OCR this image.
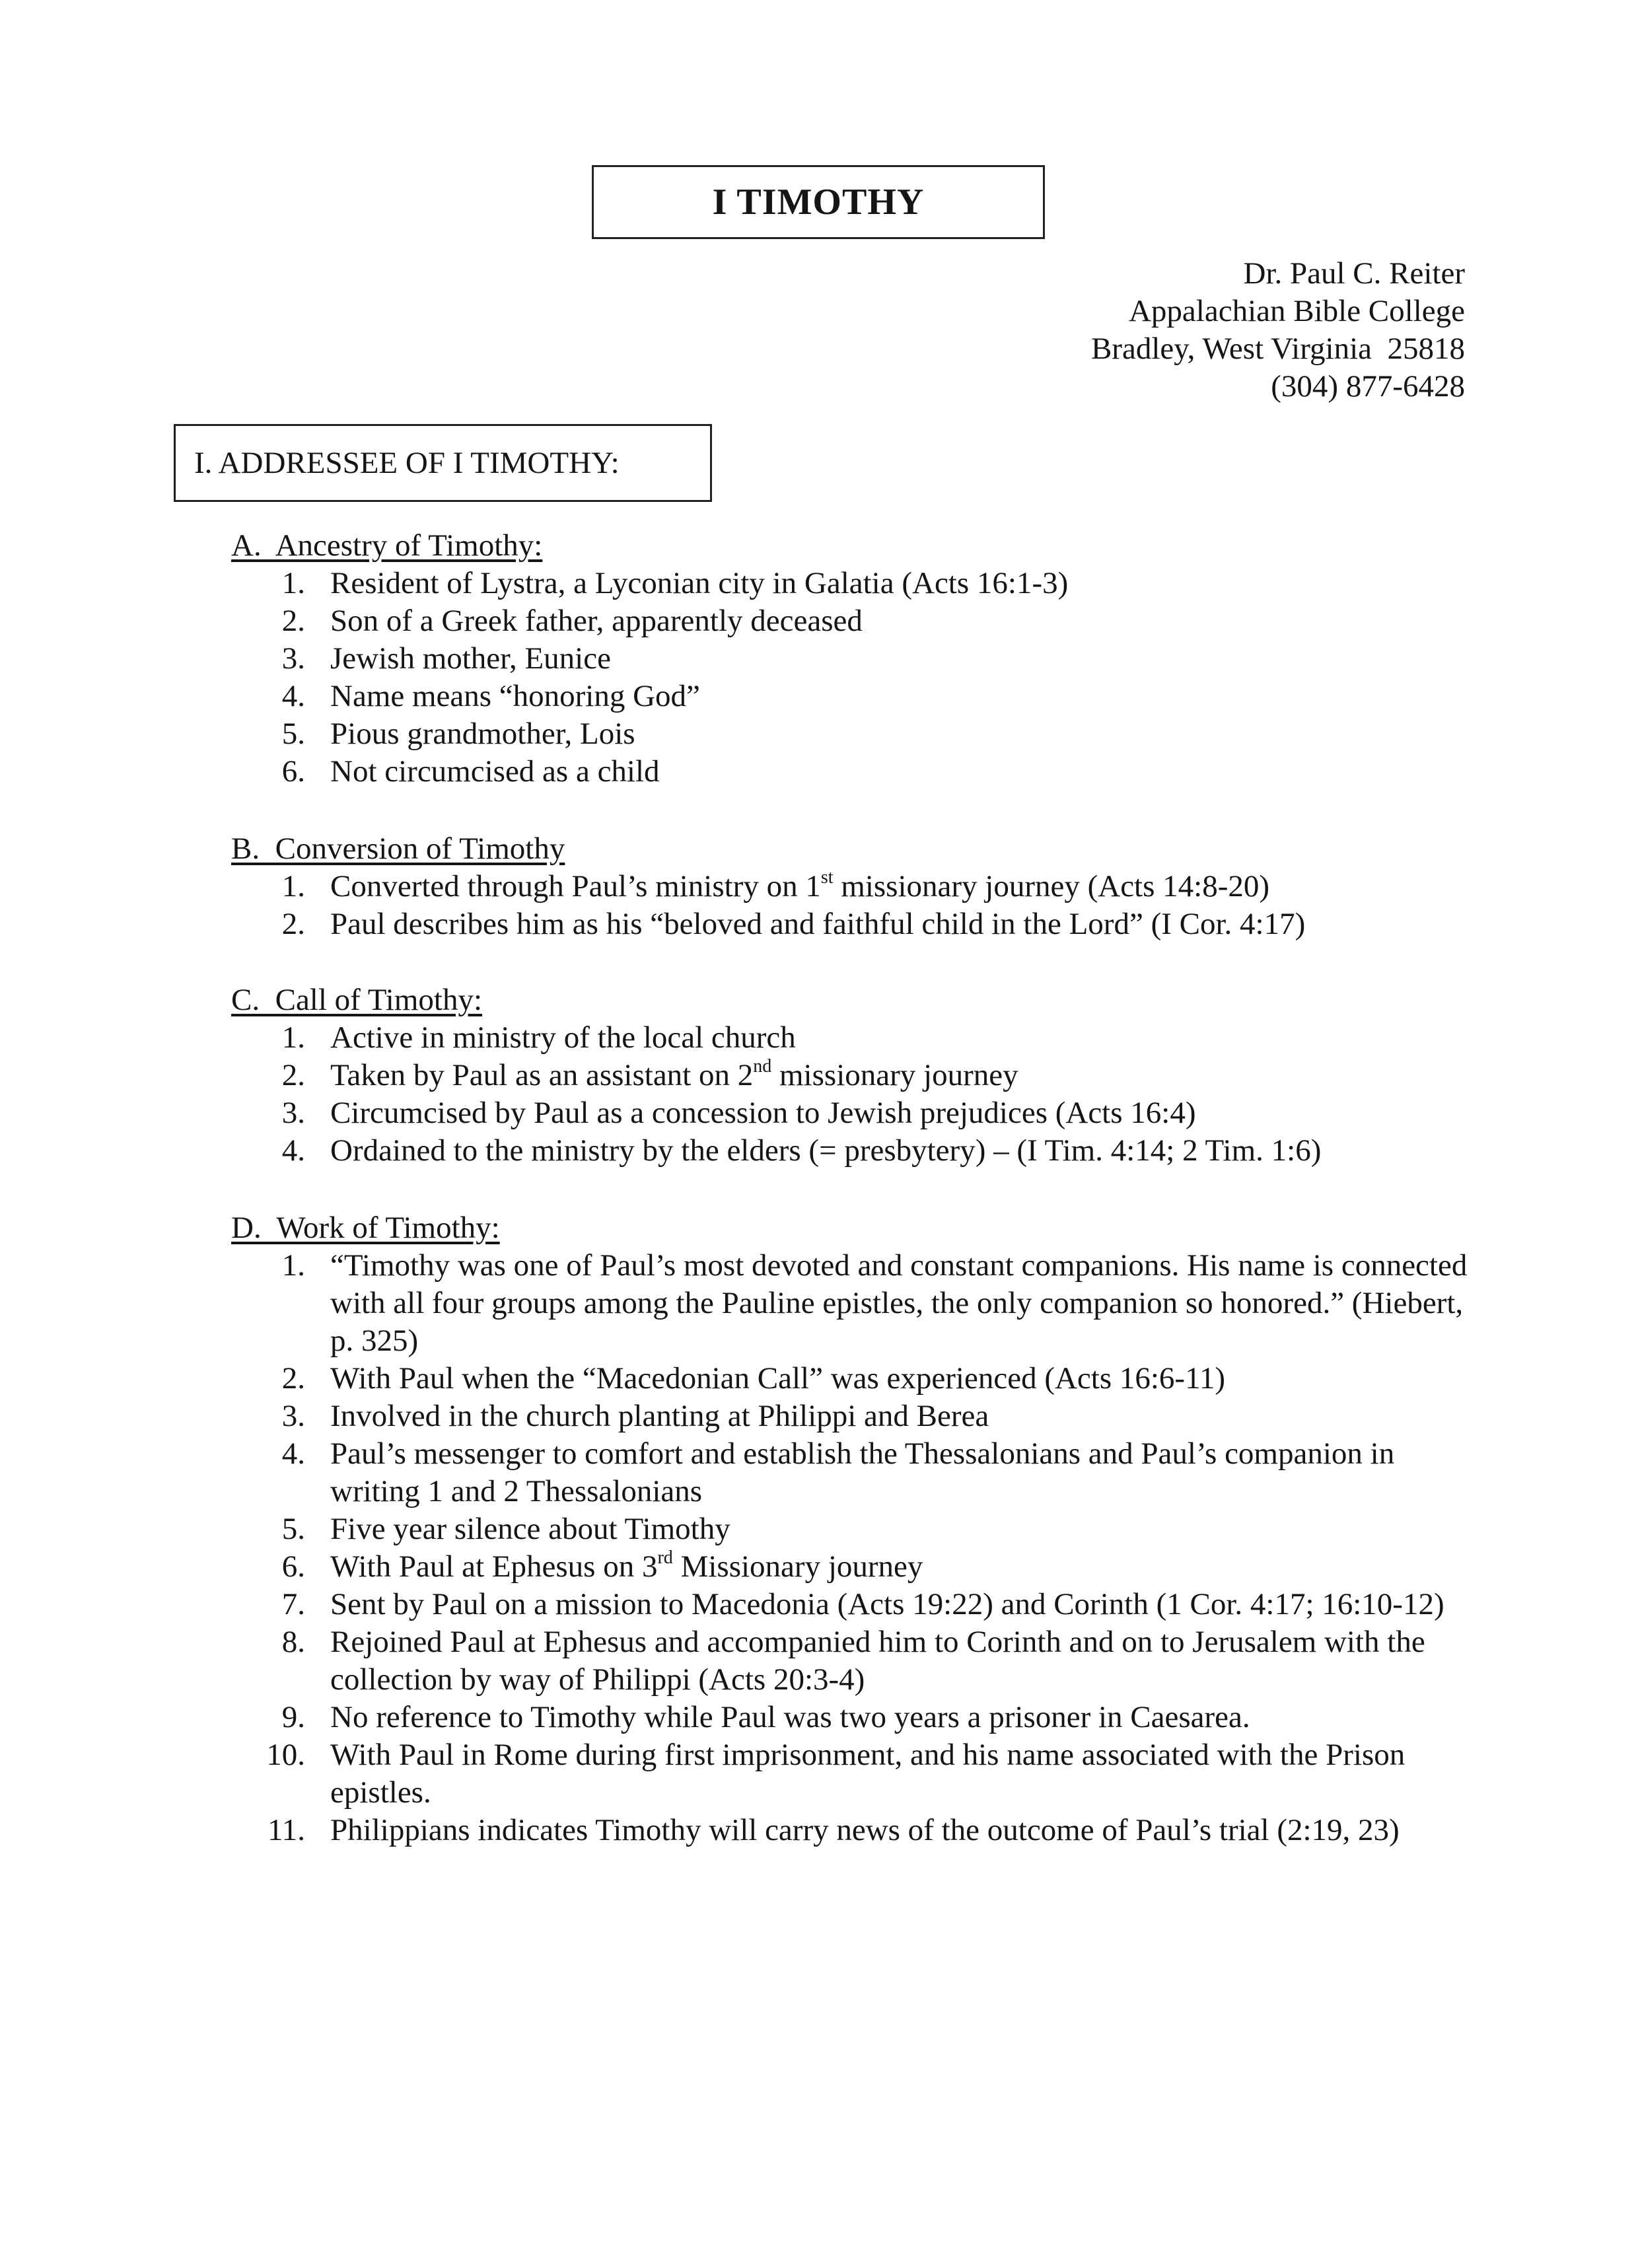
I TIMOTHY
Dr. Paul C. Reiter
Appalachian Bible College
Bradley, West Virginia  25818
(304) 877-6428
I. ADDRESSEE OF I TIMOTHY:
A.  Ancestry of Timothy:
1. Resident of Lystra, a Lyconian city in Galatia (Acts 16:1-3)
2. Son of a Greek father, apparently deceased
3. Jewish mother, Eunice
4. Name means “honoring God”
5. Pious grandmother, Lois
6. Not circumcised as a child
B.  Conversion of Timothy
1. Converted through Paul’s ministry on 1st missionary journey (Acts 14:8-20)
2. Paul describes him as his “beloved and faithful child in the Lord” (I Cor. 4:17)
C.  Call of Timothy:
1. Active in ministry of the local church
2. Taken by Paul as an assistant on 2nd missionary journey
3. Circumcised by Paul as a concession to Jewish prejudices (Acts 16:4)
4. Ordained to the ministry by the elders (= presbytery) – (I Tim. 4:14; 2 Tim. 1:6)
D.  Work of Timothy:
1. “Timothy was one of Paul’s most devoted and constant companions. His name is connected with all four groups among the Pauline epistles, the only companion so honored.” (Hiebert, p. 325)
2. With Paul when the “Macedonian Call” was experienced (Acts 16:6-11)
3. Involved in the church planting at Philippi and Berea
4. Paul’s messenger to comfort and establish the Thessalonians and Paul’s companion in writing 1 and 2 Thessalonians
5. Five year silence about Timothy
6. With Paul at Ephesus on 3rd Missionary journey
7. Sent by Paul on a mission to Macedonia (Acts 19:22) and Corinth (1 Cor. 4:17; 16:10-12)
8. Rejoined Paul at Ephesus and accompanied him to Corinth and on to Jerusalem with the collection by way of Philippi (Acts 20:3-4)
9. No reference to Timothy while Paul was two years a prisoner in Caesarea.
10. With Paul in Rome during first imprisonment, and his name associated with the Prison epistles.
11. Philippians indicates Timothy will carry news of the outcome of Paul’s trial (2:19, 23)
